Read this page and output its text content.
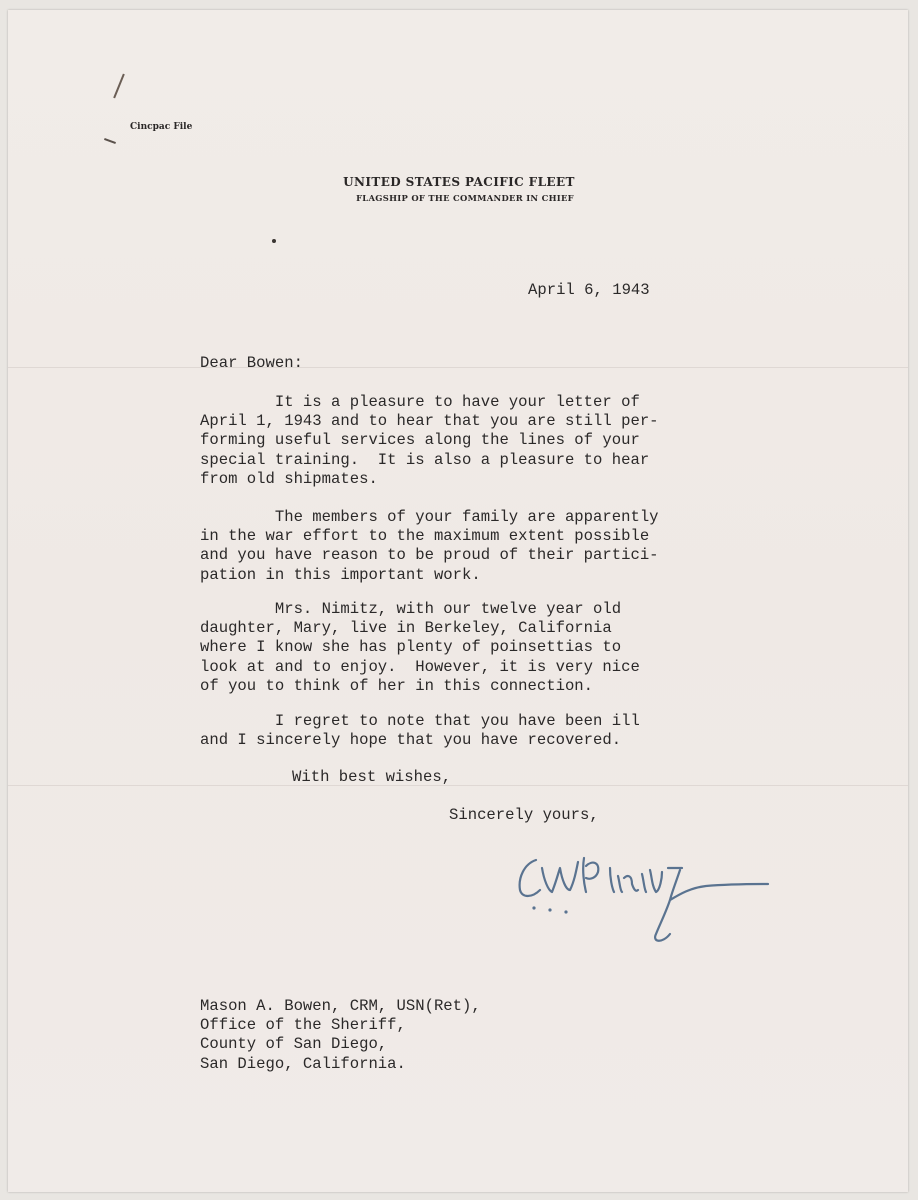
Cincpac File
UNITED STATES PACIFIC FLEET
FLAGSHIP OF THE COMMANDER IN CHIEF
April 6, 1943
Dear Bowen:

It is a pleasure to have your letter of

April 1, 1943 and to hear that you are still per-

forming useful services along the lines of your

special training.  It is also a pleasure to hear

from old shipmates.

The members of your family are apparently

in the war effort to the maximum extent possible

and you have reason to be proud of their partici-

pation in this important work.

Mrs. Nimitz, with our twelve year old

daughter, Mary, live in Berkeley, California

where I know she has plenty of poinsettias to

look at and to enjoy.  However, it is very nice

of you to think of her in this connection.

I regret to note that you have been ill

and I sincerely hope that you have recovered.

With best wishes,
Sincerely yours,

Mason A. Bowen, CRM, USN(Ret),

Office of the Sheriff,

County of San Diego,

San Diego, California.
